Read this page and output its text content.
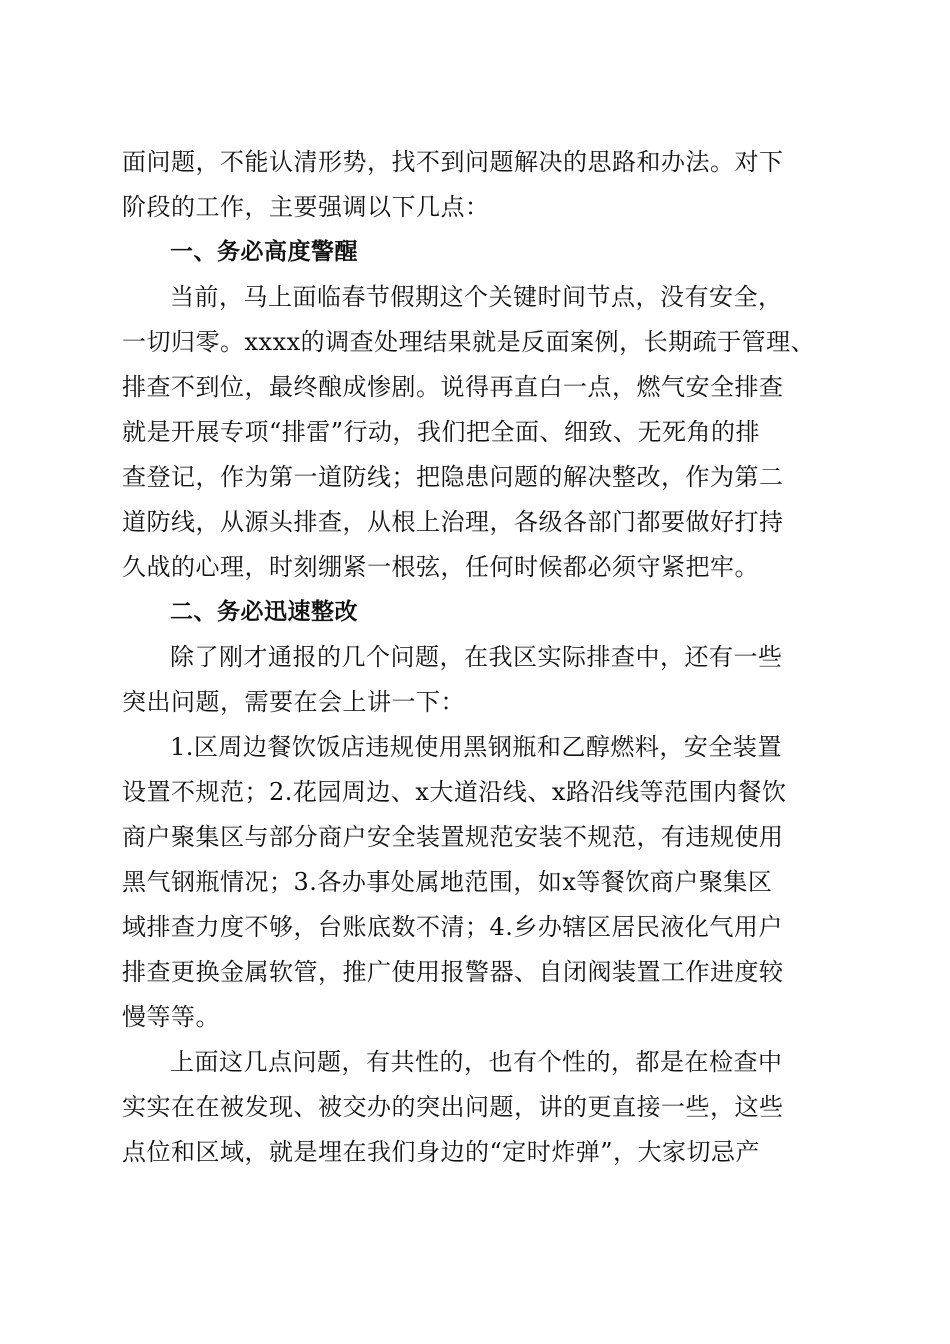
面问题，不能认清形势，找不到问题解决的思路和办法。对下
阶段的工作，主要强调以下几点：
一、务必高度警醒
当前，马上面临春节假期这个关键时间节点，没有安全，
一切归零。xxxx的调查处理结果就是反面案例，长期疏于管理、
排查不到位，最终酿成惨剧。说得再直白一点，燃气安全排查
就是开展专项“排雷”行动，我们把全面、细致、无死角的排
查登记，作为第一道防线；把隐患问题的解决整改，作为第二
道防线，从源头排查，从根上治理，各级各部门都要做好打持
久战的心理，时刻绷紧一根弦，任何时候都必须守紧把牢。
二、务必迅速整改
除了刚才通报的几个问题，在我区实际排查中，还有一些
突出问题，需要在会上讲一下：
1.区周边餐饮饭店违规使用黑钢瓶和乙醇燃料，安全装置
设置不规范；2.花园周边、x大道沿线、x路沿线等范围内餐饮
商户聚集区与部分商户安全装置规范安装不规范，有违规使用
黑气钢瓶情况；3.各办事处属地范围，如x等餐饮商户聚集区
域排查力度不够，台账底数不清；4.乡办辖区居民液化气用户
排查更换金属软管，推广使用报警器、自闭阀装置工作进度较
慢等等。
上面这几点问题，有共性的，也有个性的，都是在检查中
实实在在被发现、被交办的突出问题，讲的更直接一些，这些
点位和区域，就是埋在我们身边的“定时炸弹”，大家切忌产
